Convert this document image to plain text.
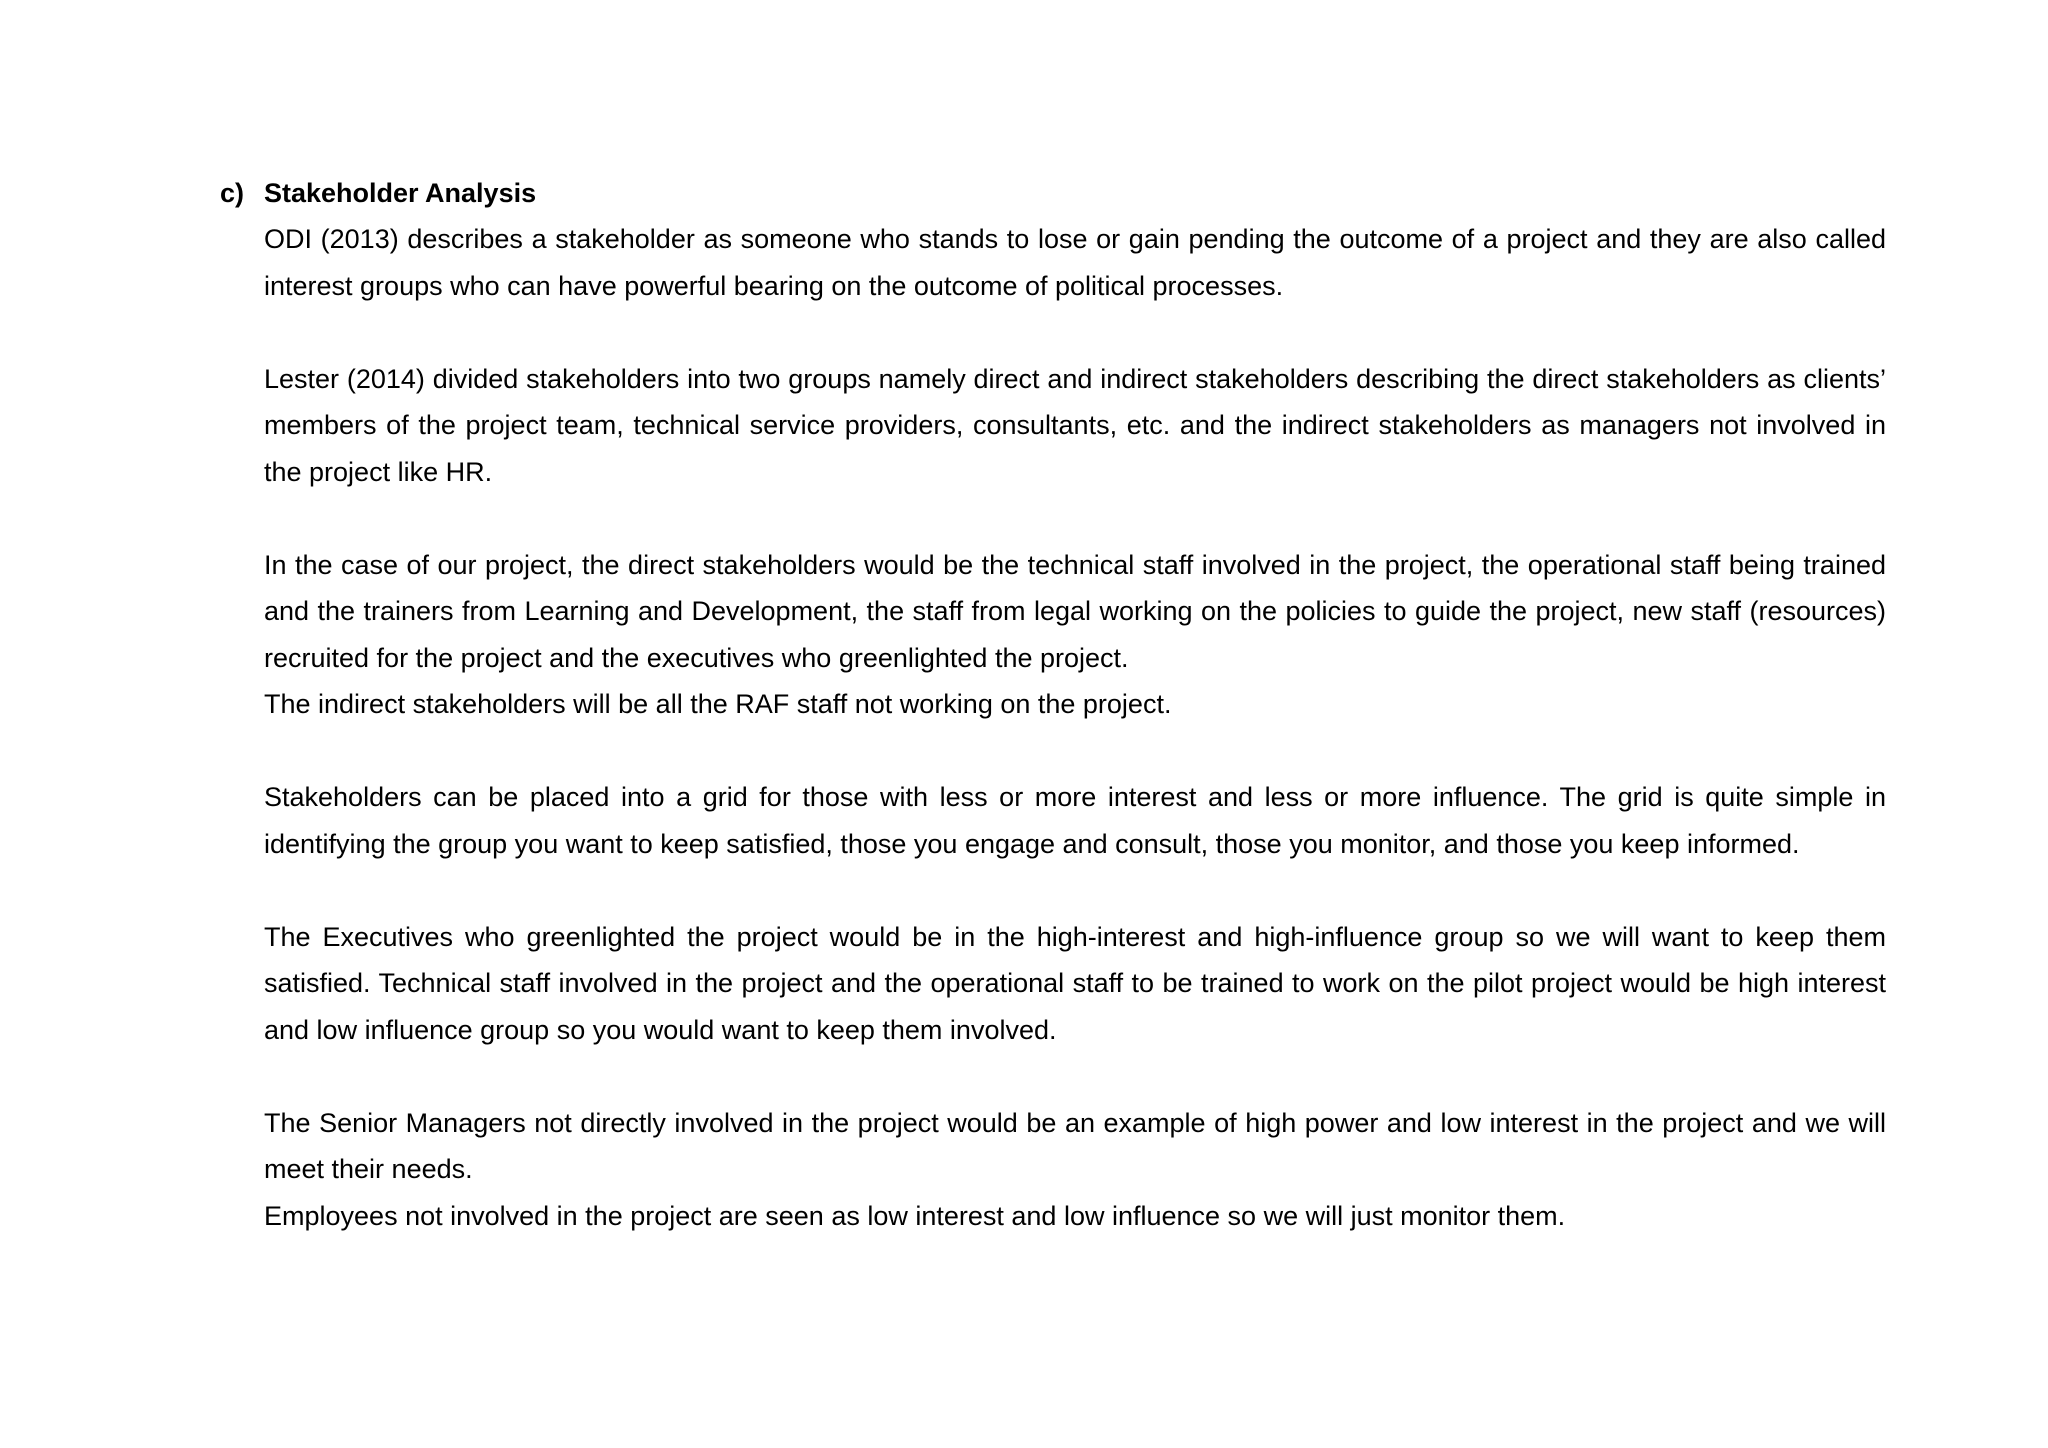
c) Stakeholder Analysis

ODI (2013) describes a stakeholder as someone who stands to lose or gain pending the outcome of a project and they are also called interest groups who can have powerful bearing on the outcome of political processes.

Lester (2014) divided stakeholders into two groups namely direct and indirect stakeholders describing the direct stakeholders as clients’ members of the project team, technical service providers, consultants, etc. and the indirect stakeholders as managers not involved in the project like HR.

In the case of our project, the direct stakeholders would be the technical staff involved in the project, the operational staff being trained and the trainers from Learning and Development, the staff from legal working on the policies to guide the project, new staff (resources) recruited for the project and the executives who greenlighted the project.

The indirect stakeholders will be all the RAF staff not working on the project.

Stakeholders can be placed into a grid for those with less or more interest and less or more influence. The grid is quite simple in identifying the group you want to keep satisfied, those you engage and consult, those you monitor, and those you keep informed.

The Executives who greenlighted the project would be in the high-interest and high-influence group so we will want to keep them satisfied. Technical staff involved in the project and the operational staff to be trained to work on the pilot project would be high interest and low influence group so you would want to keep them involved.

The Senior Managers not directly involved in the project would be an example of high power and low interest in the project and we will meet their needs.

Employees not involved in the project are seen as low interest and low influence so we will just monitor them.
